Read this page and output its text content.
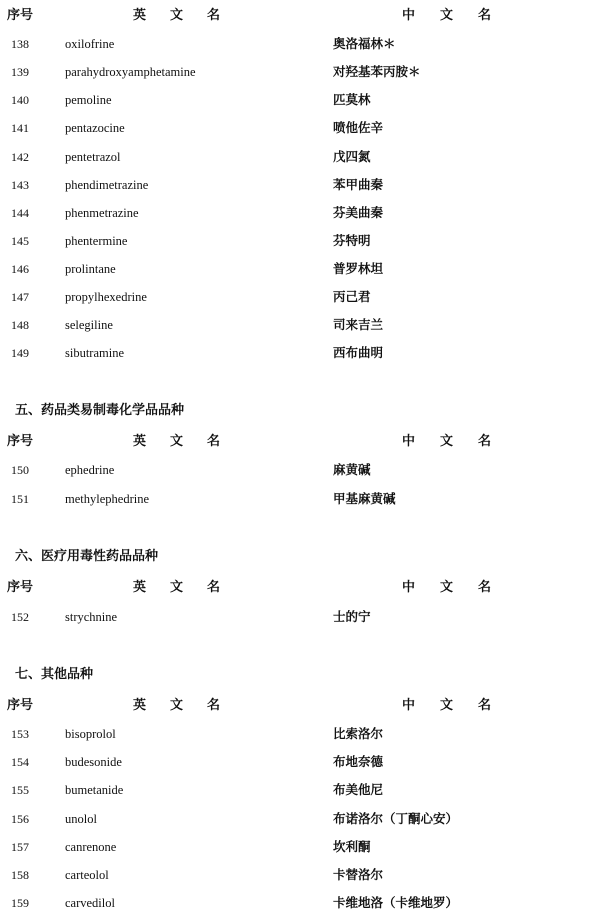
序号	英文名	中文名
138	oxilofrine	奥洛福林＊
139	parahydroxyamphetamine	对羟基苯丙胺＊
140	pemoline	匹莫林
141	pentazocine	喷他佐辛
142	pentetrazol	戊四氮
143	phendimetrazine	苯甲曲秦
144	phenmetrazine	芬美曲秦
145	phentermine	芬特明
146	prolintane	普罗林坦
147	propylhexedrine	丙己君
148	selegiline	司来吉兰
149	sibutramine	西布曲明
五、药品类易制毒化学品品种
序号	英文名	中文名
150	ephedrine	麻黄碱
151	methylephedrine	甲基麻黄碱
六、医疗用毒性药品品种
序号	英文名	中文名
152	strychnine	士的宁
七、其他品种
序号	英文名	中文名
153	bisoprolol	比索洛尔
154	budesonide	布地奈德
155	bumetanide	布美他尼
156	unolol	布诺洛尔（丁酮心安）
157	canrenone	坎利酮
158	carteolol	卡替洛尔
159	carvedilol	卡维地洛（卡维地罗）
